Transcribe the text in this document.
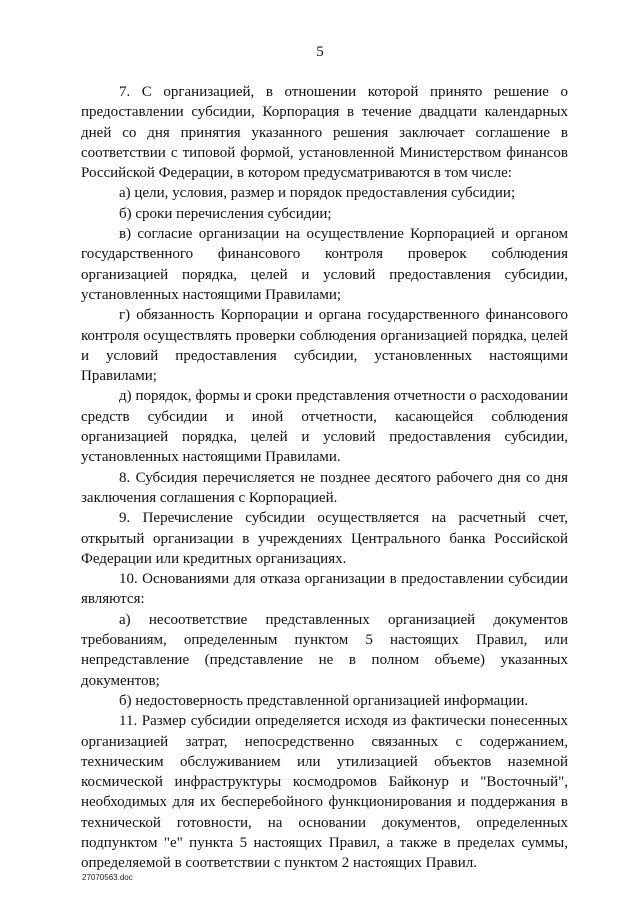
5

7. С организацией, в отношении которой принято решение о предоставлении субсидии, Корпорация в течение двадцати календарных дней со дня принятия указанного решения заключает соглашение в соответствии с типовой формой, установленной Министерством финансов Российской Федерации, в котором предусматриваются в том числе:

а) цели, условия, размер и порядок предоставления субсидии;

б) сроки перечисления субсидии;

в) согласие организации на осуществление Корпорацией и органом государственного финансового контроля проверок соблюдения организацией порядка, целей и условий предоставления субсидии, установленных настоящими Правилами;

г) обязанность Корпорации и органа государственного финансового контроля осуществлять проверки соблюдения организацией порядка, целей и условий предоставления субсидии, установленных настоящими Правилами;

д) порядок, формы и сроки представления отчетности о расходовании средств субсидии и иной отчетности, касающейся соблюдения организацией порядка, целей и условий предоставления субсидии, установленных настоящими Правилами.

8. Субсидия перечисляется не позднее десятого рабочего дня со дня заключения соглашения с Корпорацией.

9. Перечисление субсидии осуществляется на расчетный счет, открытый организации в учреждениях Центрального банка Российской Федерации или кредитных организациях.

10. Основаниями для отказа организации в предоставлении субсидии являются:

а) несоответствие представленных организацией документов требованиям, определенным пунктом 5 настоящих Правил, или непредставление (представление не в полном объеме) указанных документов;

б) недостоверность представленной организацией информации.

11. Размер субсидии определяется исходя из фактически понесенных организацией затрат, непосредственно связанных с содержанием, техническим обслуживанием или утилизацией объектов наземной космической инфраструктуры космодромов Байконур и "Восточный", необходимых для их бесперебойного функционирования и поддержания в технической готовности, на основании документов, определенных подпунктом "е" пункта 5 настоящих Правил, а также в пределах суммы, определяемой в соответствии с пунктом 2 настоящих Правил.

27070563.doc
